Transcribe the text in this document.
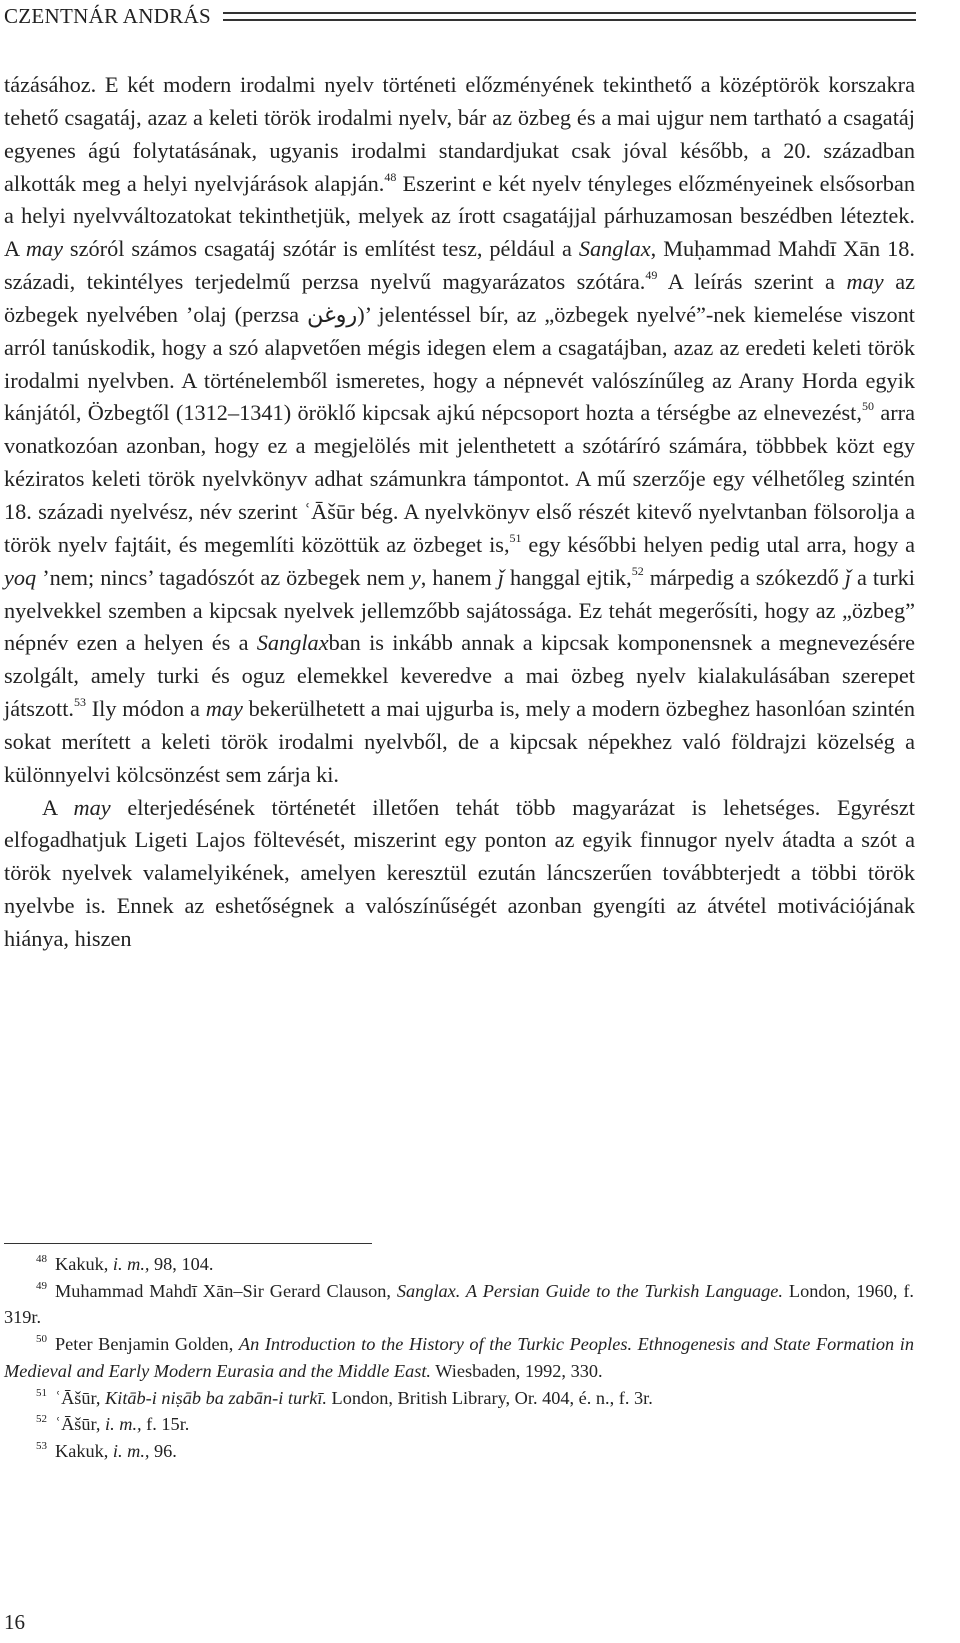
CZENTNÁR ANDRÁS

tázásához. E két modern irodalmi nyelv történeti előzményének tekinthető a középtörök korszakra tehető csagatáj, azaz a keleti török irodalmi nyelv, bár az özbeg és a mai ujgur nem tartható a csagatáj egyenes ágú folytatásának, ugyanis irodalmi standardjukat csak jóval később, a 20. században alkották meg a helyi nyelvjárások alapján.$^{48}$ Eszerint e két nyelv tényleges előzményeinek elsősorban a helyi nyelvváltozatokat tekinthetjük, melyek az írott csagatájjal párhuzamosan beszédben léteztek. A may szóról számos csagatáj szótár is említést tesz, például a Sanglax, Muḥammad Mahdī Xān 18. századi, tekintélyes terjedelmű perzsa nyelvű magyarázatos szótára.$^{49}$ A leírás szerint a may az özbegek nyelvében ’olaj (perzsa روغن)’ jelentéssel bír, az „özbegek nyelvé”-nek kiemelése viszont arról tanúskodik, hogy a szó alapvetően mégis idegen elem a csagatájban, azaz az eredeti keleti török irodalmi nyelvben. A történelemből ismeretes, hogy a népnevét valószínűleg az Arany Horda egyik kánjától, Özbegtől (1312–1341) öröklő kipcsak ajkú népcsoport hozta a térségbe az elnevezést,$^{50}$ arra vonatkozóan azonban, hogy ez a megjelölés mit jelenthetett a szótáríró számára, többbek közt egy kéziratos keleti török nyelvkönyv adhat számunkra támpontot. A mű szerzője egy vélhetőleg szintén 18. századi nyelvész, név szerint ʿĀšūr bég. A nyelvkönyv első részét kitevő nyelvtanban fölsorolja a török nyelv fajtáit, és megemlíti közöttük az özbeget is,$^{51}$ egy későbbi helyen pedig utal arra, hogy a yoq ’nem; nincs’ tagadószót az özbegek nem y, hanem ǰ hanggal ejtik,$^{52}$ márpedig a szókezdő ǰ a turki nyelvekkel szemben a kipcsak nyelvek jellemzőbb sajátossága. Ez tehát megerősíti, hogy az „özbeg” népnév ezen a helyen és a Sanglaxban is inkább annak a kipcsak komponensnek a megnevezésére szolgált, amely turki és oguz elemekkel keveredve a mai özbeg nyelv kialakulásában szerepet játszott.$^{53}$ Ily módon a may bekerülhetett a mai ujgurba is, mely a modern özbeghez hasonlóan szintén sokat merített a keleti török irodalmi nyelvből, de a kipcsak népekhez való földrajzi közelség a különnyelvi kölcsönzést sem zárja ki.

A may elterjedésének történetét illetően tehát több magyarázat is lehetséges. Egyrészt elfogadhatjuk Ligeti Lajos föltevését, miszerint egy ponton az egyik finnugor nyelv átadta a szót a török nyelvek valamelyikének, amelyen keresztül ezután láncszerűen továbbterjedt a többi török nyelvbe is. Ennek az eshetőségnek a valószínűségét azonban gyengíti az átvétel motivációjának hiánya, hiszen

$^{48}$ Kakuk, i. m., 98, 104.

$^{49}$ Muhammad Mahdī Xān–Sir Gerard Clauson, Sanglax. A Persian Guide to the Turkish Language. London, 1960, f. 319r.

$^{50}$ Peter Benjamin Golden, An Introduction to the History of the Turkic Peoples. Ethnogenesis and State Formation in Medieval and Early Modern Eurasia and the Middle East. Wiesbaden, 1992, 330.

$^{51}$ ʿĀšūr, Kitāb-i niṣāb ba zabān-i turkī. London, British Library, Or. 404, é. n., f. 3r.

$^{52}$ ʿĀšūr, i. m., f. 15r.

$^{53}$ Kakuk, i. m., 96.

16
